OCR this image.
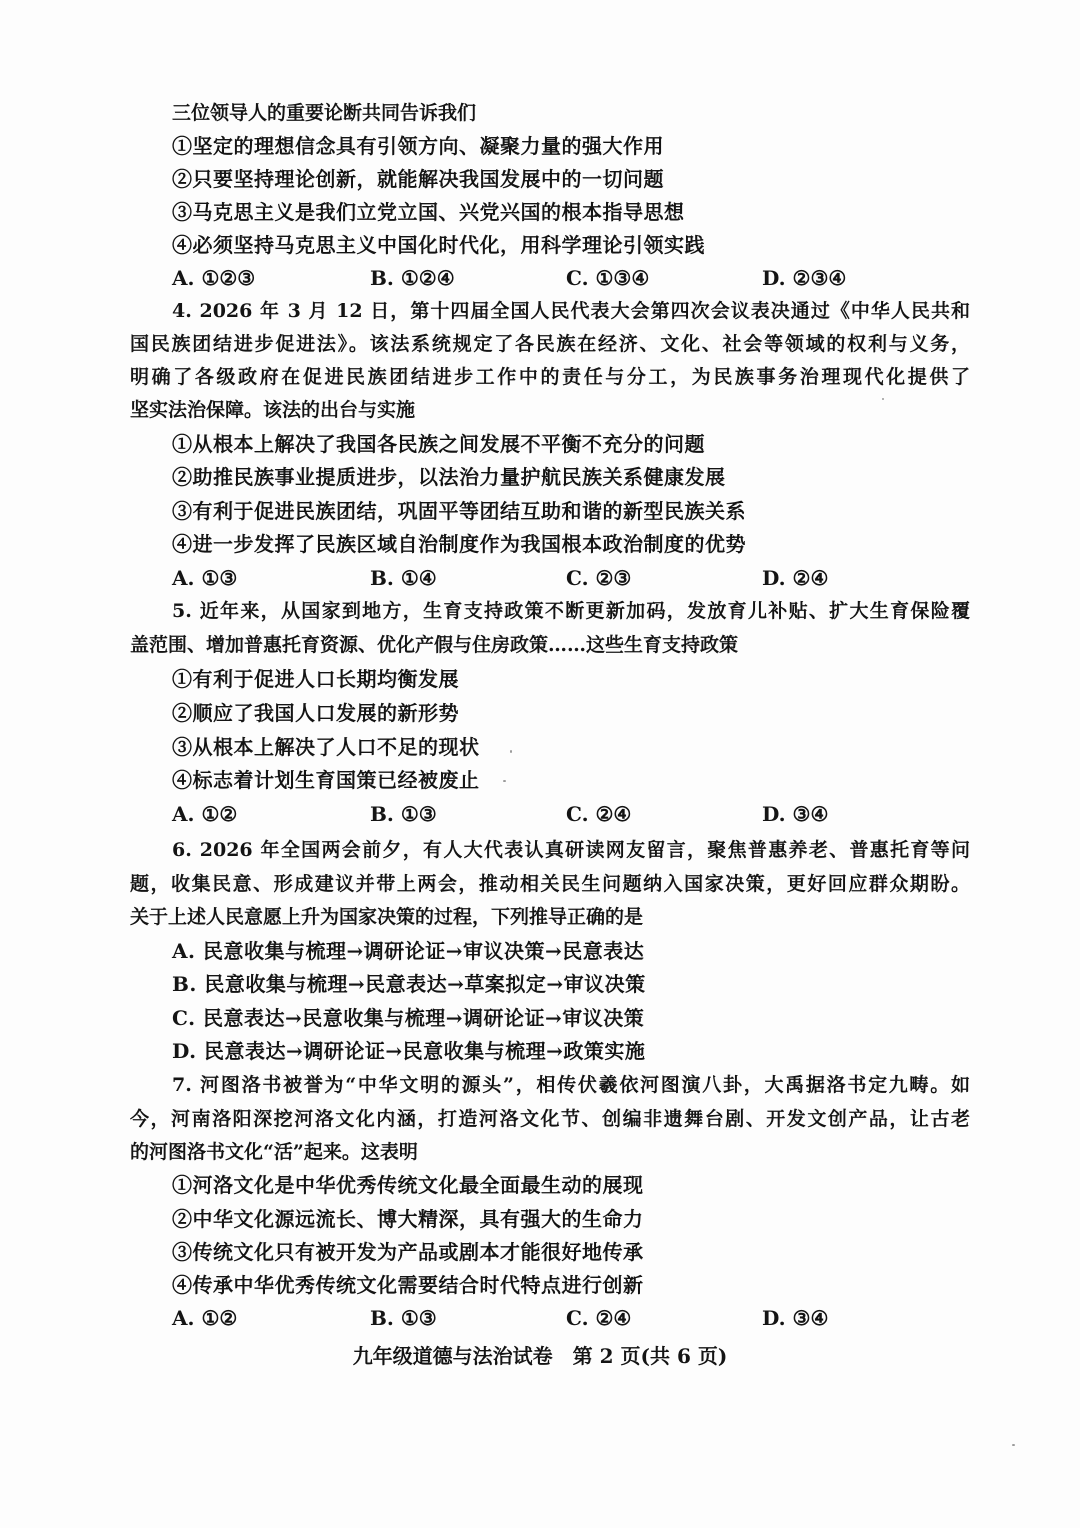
三位领导人的重要论断共同告诉我们
①坚定的理想信念具有引领方向、凝聚力量的强大作用
②只要坚持理论创新，就能解决我国发展中的一切问题
③马克思主义是我们立党立国、兴党兴国的根本指导思想
④必须坚持马克思主义中国化时代化，用科学理论引领实践
A. ①②③	B. ①②④	C. ①③④	D. ②③④
4. 2026 年 3 月 12 日，第十四届全国人民代表大会第四次会议表决通过《中华人民共和
国民族团结进步促进法》。该法系统规定了各民族在经济、文化、社会等领域的权利与义务，
明确了各级政府在促进民族团结进步工作中的责任与分工，为民族事务治理现代化提供了
坚实法治保障。该法的出台与实施
①从根本上解决了我国各民族之间发展不平衡不充分的问题
②助推民族事业提质进步，以法治力量护航民族关系健康发展
③有利于促进民族团结，巩固平等团结互助和谐的新型民族关系
④进一步发挥了民族区域自治制度作为我国根本政治制度的优势
A. ①③	B. ①④	C. ②③	D. ②④
5. 近年来，从国家到地方，生育支持政策不断更新加码，发放育儿补贴、扩大生育保险覆
盖范围、增加普惠托育资源、优化产假与住房政策……这些生育支持政策
①有利于促进人口长期均衡发展
②顺应了我国人口发展的新形势
③从根本上解决了人口不足的现状
④标志着计划生育国策已经被废止
A. ①②	B. ①③	C. ②④	D. ③④
6. 2026 年全国两会前夕，有人大代表认真研读网友留言，聚焦普惠养老、普惠托育等问
题，收集民意、形成建议并带上两会，推动相关民生问题纳入国家决策，更好回应群众期盼。
关于上述人民意愿上升为国家决策的过程，下列推导正确的是
A. 民意收集与梳理→调研论证→审议决策→民意表达
B. 民意收集与梳理→民意表达→草案拟定→审议决策
C. 民意表达→民意收集与梳理→调研论证→审议决策
D. 民意表达→调研论证→民意收集与梳理→政策实施
7. 河图洛书被誉为“中华文明的源头”，相传伏羲依河图演八卦，大禹据洛书定九畴。如
今，河南洛阳深挖河洛文化内涵，打造河洛文化节、创编非遗舞台剧、开发文创产品，让古老
的河图洛书文化“活”起来。这表明
①河洛文化是中华优秀传统文化最全面最生动的展现
②中华文化源远流长、博大精深，具有强大的生命力
③传统文化只有被开发为产品或剧本才能很好地传承
④传承中华优秀传统文化需要结合时代特点进行创新
A. ①②	B. ①③	C. ②④	D. ③④
九年级道德与法治试卷　第 2 页(共 6 页)
